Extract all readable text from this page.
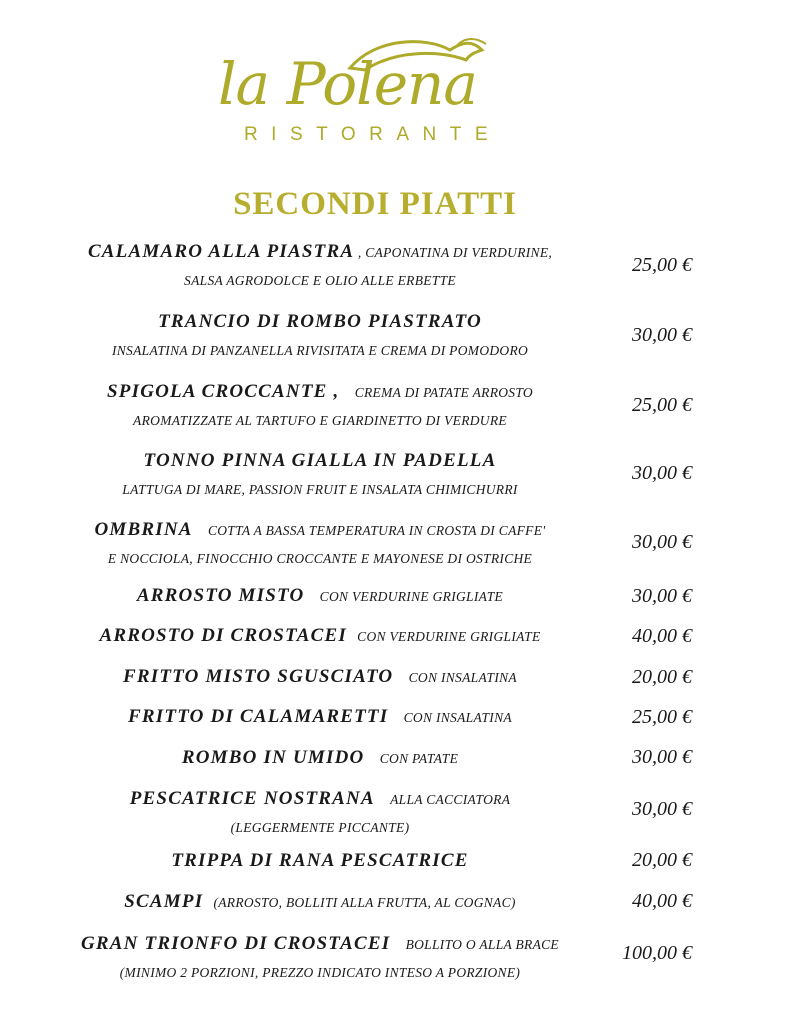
la Polena
RISTORANTE
SECONDI PIATTI
CALAMARO ALLA PIASTRA , CAPONATINA DI VERDURINE,
SALSA AGRODOLCE E OLIO ALLE ERBETTE
25,00 €
TRANCIO DI ROMBO PIASTRATO
INSALATINA DI PANZANELLA RIVISITATA E CREMA DI POMODORO
30,00 €
SPIGOLA CROCCANTE , CREMA DI PATATE ARROSTO
AROMATIZZATE AL TARTUFO E GIARDINETTO DI VERDURE
25,00 €
TONNO PINNA GIALLA IN PADELLA
LATTUGA DI MARE, PASSION FRUIT E INSALATA CHIMICHURRI
30,00 €
OMBRINA COTTA A BASSA TEMPERATURA IN CROSTA DI CAFFE'
E NOCCIOLA, FINOCCHIO CROCCANTE E MAYONESE DI OSTRICHE
30,00 €
ARROSTO MISTO CON VERDURINE GRIGLIATE	30,00 €
ARROSTO DI CROSTACEI CON VERDURINE GRIGLIATE	40,00 €
FRITTO MISTO SGUSCIATO CON INSALATINA	20,00 €
FRITTO DI CALAMARETTI CON INSALATINA	25,00 €
ROMBO IN UMIDO CON PATATE	30,00 €
PESCATRICE NOSTRANA ALLA CACCIATORA
(LEGGERMENTE PICCANTE)
30,00 €
TRIPPA DI RANA PESCATRICE	20,00 €
SCAMPI (ARROSTO, BOLLITI ALLA FRUTTA, AL COGNAC)	40,00 €
GRAN TRIONFO DI CROSTACEI BOLLITO O ALLA BRACE
(MINIMO 2 PORZIONI, PREZZO INDICATO INTESO A PORZIONE)
100,00 €
